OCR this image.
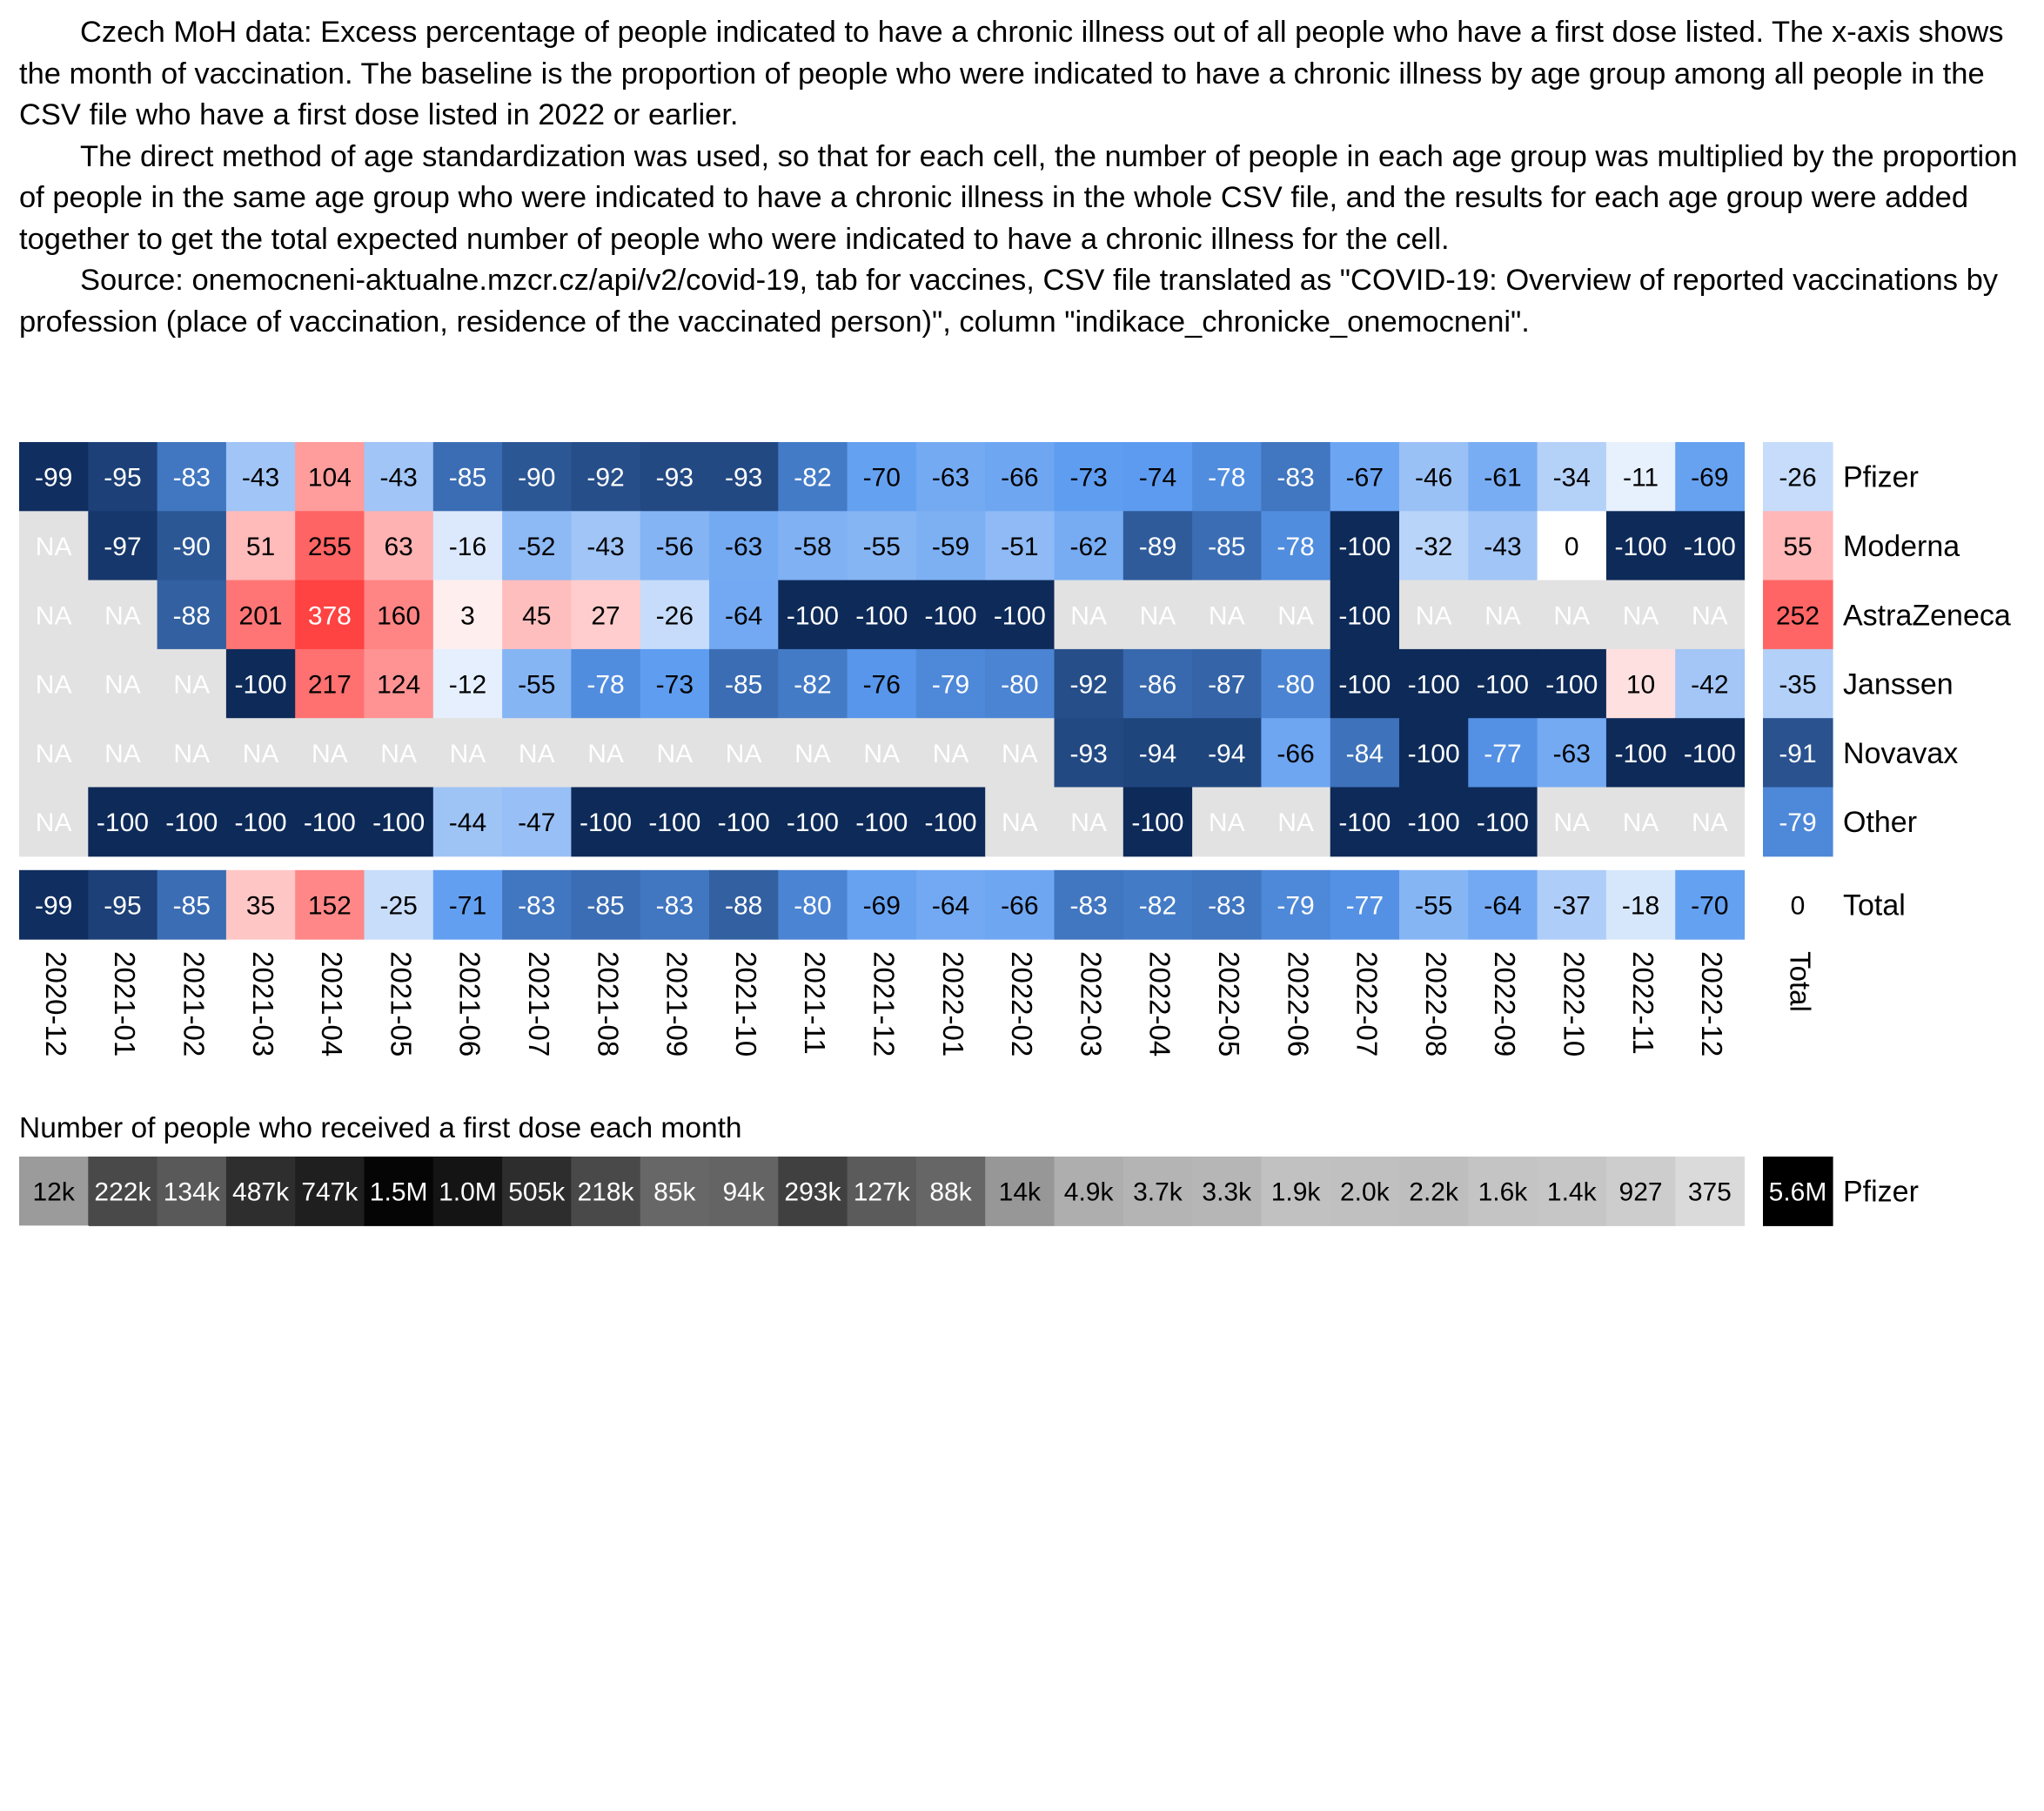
Czech MoH data: Excess percentage of people indicated to have a chronic illness out of all people who have a first dose listed. The x-axis shows the month of vaccination. The baseline is the proportion of people who were indicated to have a chronic illness by age group among all people in the CSV file who have a first dose listed in 2022 or earlier.

The direct method of age standardization was used, so that for each cell, the number of people in each age group was multiplied by the proportion of people in the same age group who were indicated to have a chronic illness in the whole CSV file, and the results for each age group were added together to get the total expected number of people who were indicated to have a chronic illness for the cell.

Source: onemocneni-aktualne.mzcr.cz/api/v2/covid-19, tab for vaccines, CSV file translated as "COVID-19: Overview of reported vaccinations by profession (place of vaccination, residence of the vaccinated person)", column "indikace_chronicke_onemocneni".

-99 -95 -83 -43 104 -43 -85 -90 -92 -93 -93 -82 -70 -63 -66 -73 -74 -78 -83 -67 -46 -61 -34 -11 -69 -26 Pfizer
NA -97 -90 51 255 63 -16 -52 -43 -56 -63 -58 -55 -59 -51 -62 -89 -85 -78 -100 -32 -43 0 -100 -100 55 Moderna
NA NA -88 201 378 160 3 45 27 -26 -64 -100 -100 -100 -100 NA NA NA NA -100 NA NA NA NA NA 252 AstraZeneca
NA NA NA -100 217 124 -12 -55 -78 -73 -85 -82 -76 -79 -80 -92 -86 -87 -80 -100 -100 -100 -100 10 -42 -35 Janssen
NA NA NA NA NA NA NA NA NA NA NA NA NA NA NA -93 -94 -94 -66 -84 -100 -77 -63 -100 -100 -91 Novavax
NA -100 -100 -100 -100 -100 -44 -47 -100 -100 -100 -100 -100 -100 NA NA -100 NA NA -100 -100 -100 NA NA NA -79 Other
-99 -95 -85 35 152 -25 -71 -83 -85 -83 -88 -80 -69 -64 -66 -83 -82 -83 -79 -77 -55 -64 -37 -18 -70 0 Total
2020-12 2021-01 2021-02 2021-03 2021-04 2021-05 2021-06 2021-07 2021-08 2021-09 2021-10 2021-11 2021-12 2022-01 2022-02 2022-03 2022-04 2022-05 2022-06 2022-07 2022-08 2022-09 2022-10 2022-11 2022-12 Total
Number of people who received a first dose each month
12k 222k 134k 487k 747k 1.5M 1.0M 505k 218k 85k 94k 293k 127k 88k 14k 4.9k 3.7k 3.3k 1.9k 2.0k 2.2k 1.6k 1.4k 927 375 5.6M Pfizer
